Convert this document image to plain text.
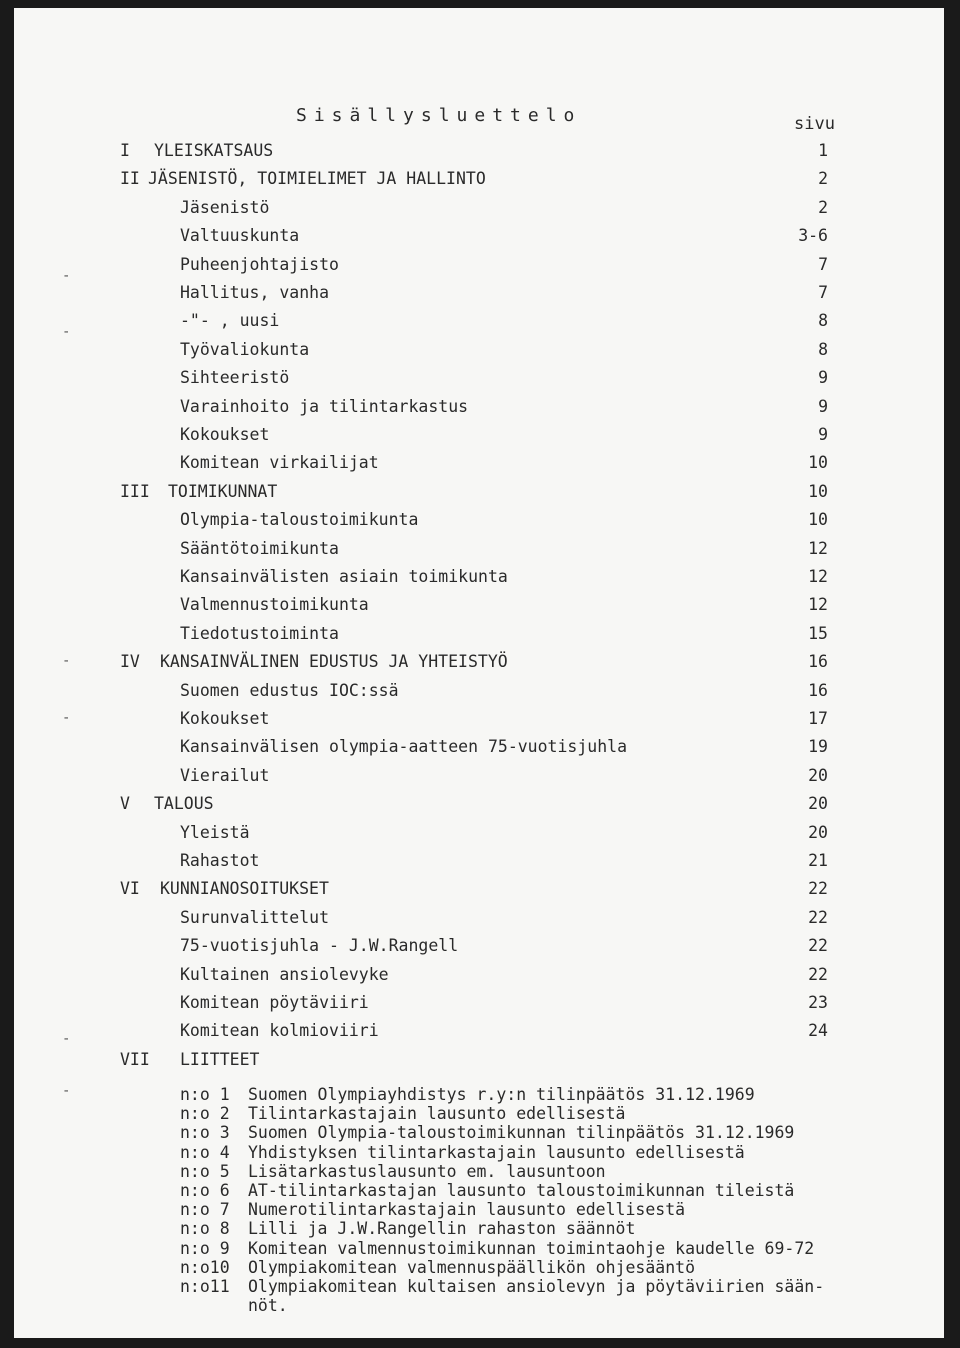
Sisällysluettelo	sivu
I	YLEISKATSAUS	1
II JÄSENISTÖ, TOIMIELIMET JA HALLINTO	2
Jäsenistö	2
Valtuuskunta	3-6
Puheenjohtajisto	7
Hallitus, vanha	7
-"- , uusi	8
Työvaliokunta	8
Sihteeristö	9
Varainhoito ja tilintarkastus	9
Kokoukset	9
Komitean virkailijat	10
III	TOIMIKUNNAT	10
Olympia-taloustoimikunta	10
Sääntötoimikunta	12
Kansainvälisten asiain toimikunta	12
Valmennustoimikunta	12
Tiedotustoiminta	15
IV	KANSAINVÄLINEN EDUSTUS JA YHTEISTYÖ	16
Suomen edustus IOC:ssä	16
Kokoukset	17
Kansainvälisen olympia-aatteen 75-vuotisjuhla	19
Vierailut	20
V	TALOUS	20
Yleistä	20
Rahastot	21
VI	KUNNIANOSOITUKSET	22
Surunvalittelut	22
75-vuotisjuhla - J.W.Rangell	22
Kultainen ansiolevyke	22
Komitean pöytäviiri	23
Komitean kolmioviiri	24
VII	LIITTEET
n:o 1 Suomen Olympiayhdistys r.y:n tilinpäätös 31.12.1969
n:o 2 Tilintarkastajain lausunto edellisestä
n:o 3 Suomen Olympia-taloustoimikunnan tilinpäätös 31.12.1969
n:o 4 Yhdistyksen tilintarkastajain lausunto edellisestä
n:o 5 Lisätarkastuslausunto em. lausuntoon
n:o 6 AT-tilintarkastajan lausunto taloustoimikunnan tileistä
n:o 7 Numerotilintarkastajain lausunto edellisestä
n:o 8 Lilli ja J.W.Rangellin rahaston säännöt
n:o 9 Komitean valmennustoimikunnan toimintaohje kaudelle 69-72
n:o10 Olympiakomitean valmennuspäällikön ohjesääntö
n:o11 Olympiakomitean kultaisen ansiolevyn ja pöytäviirien sään-
nöt.
-
-
-
-
-
-
